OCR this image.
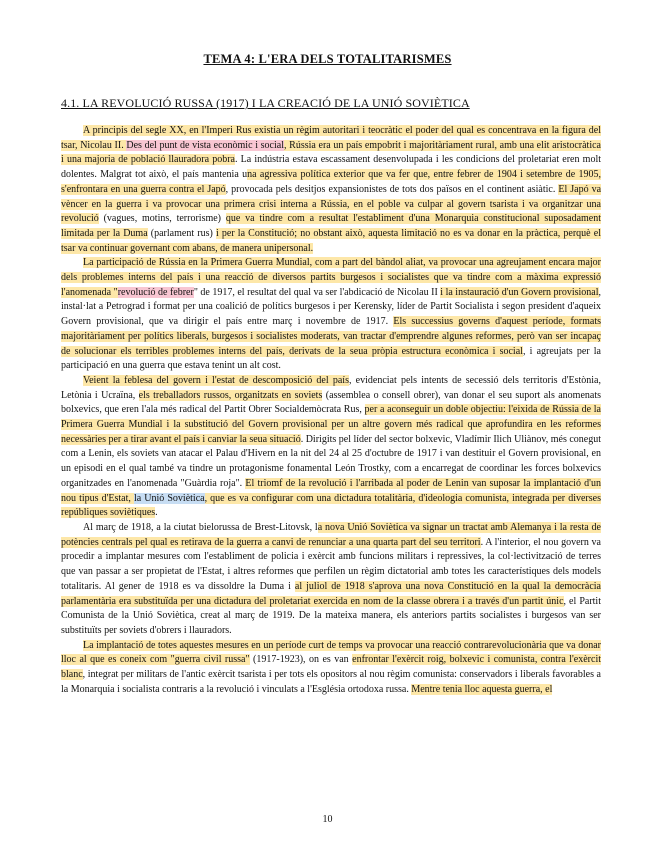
TEMA 4: L'ERA DELS TOTALITARISMES
4.1. LA REVOLUCIÓ RUSSA (1917) I LA CREACIÓ DE LA UNIÓ SOVIÈTICA

A principis del segle XX, en l'Imperi Rus existia un règim autoritari i teocràtic el poder del qual es concentrava en la figura del tsar, Nicolau II. Des del punt de vista econòmic i social, Rússia era un país empobrit i majoritàriament rural, amb una elit aristocràtica i una majoria de població llauradora pobra. La indústria estava escassament desenvolupada i les condicions del proletariat eren molt dolentes. Malgrat tot això, el país mantenia una agressiva política exterior que va fer que, entre febrer de 1904 i setembre de 1905, s'enfrontara en una guerra contra el Japó, provocada pels desitjos expansionistes de tots dos països en el continent asiàtic. El Japó va vèncer en la guerra i va provocar una primera crisi interna a Rússia, en el poble va culpar al govern tsarista i va organitzar una revolució (vagues, motins, terrorisme) que va tindre com a resultat l'establiment d'una Monarquia constitucional suposadament limitada per la Duma (parlament rus) i per la Constitució; no obstant això, aquesta limitació no es va donar en la pràctica, perquè el tsar va continuar governant com abans, de manera unipersonal.

La participació de Rússia en la Primera Guerra Mundial, com a part del bàndol aliat, va provocar una agreujament encara major dels problemes interns del país i una reacció de diversos partits burgesos i socialistes que va tindre com a màxima expressió l'anomenada "revolució de febrer" de 1917, el resultat del qual va ser l'abdicació de Nicolau II i la instauració d'un Govern provisional, instal·lat a Petrograd i format per una coalició de polítics burgesos i per Kerensky, líder de Partit Socialista i segon president d'aqueix Govern provisional, que va dirigir el país entre març i novembre de 1917. Els successius governs d'aquest període, formats majoritàriament per polítics liberals, burgesos i socialistes moderats, van tractar d'emprendre algunes reformes, però van ser incapaç de solucionar els terribles problemes interns del país, derivats de la seua pròpia estructura econòmica i social, i agreujats per la participació en una guerra que estava tenint un alt cost.

Veient la feblesa del govern i l'estat de descomposició del país, evidenciat pels intents de secessió dels territoris d'Estònia, Letònia i Ucraïna, els treballadors russos, organitzats en soviets (assemblea o consell obrer), van donar el seu suport als anomenats bolxevics, que eren l'ala més radical del Partit Obrer Socialdemòcrata Rus, per a aconseguir un doble objectiu: l'eixida de Rússia de la Primera Guerra Mundial i la substitució del Govern provisional per un altre govern més radical que aprofundira en les reformes necessàries per a tirar avant el país i canviar la seua situació. Dirigits pel líder del sector bolxevic, Vladímir Ilich Uliànov, més conegut com a Lenin, els soviets van atacar el Palau d'Hivern en la nit del 24 al 25 d'octubre de 1917 i van destituir el Govern provisional, en un episodi en el qual també va tindre un protagonisme fonamental León Trostky, com a encarregat de coordinar les forces bolxevics organitzades en l'anomenada "Guàrdia roja". El triomf de la revolució i l'arribada al poder de Lenin van suposar la implantació d'un nou tipus d'Estat, la Unió Soviètica, que es va configurar com una dictadura totalitària, d'ideologia comunista, integrada per diverses repúbliques soviètiques.

Al març de 1918, a la ciutat bielorussa de Brest-Litovsk, la nova Unió Soviètica va signar un tractat amb Alemanya i la resta de potències centrals pel qual es retirava de la guerra a canvi de renunciar a una quarta part del seu territori. A l'interior, el nou govern va procedir a implantar mesures com l'establiment de policia i exèrcit amb funcions militars i repressives, la col·lectivització de terres que van passar a ser propietat de l'Estat, i altres reformes que perfilen un règim dictatorial amb totes les característiques dels models totalitaris. Al gener de 1918 es va dissoldre la Duma i al juliol de 1918 s'aprova una nova Constitució en la qual la democràcia parlamentària era substituïda per una dictadura del proletariat exercida en nom de la classe obrera i a través d'un partit únic, el Partit Comunista de la Unió Soviètica, creat al març de 1919. De la mateixa manera, els anteriors partits socialistes i burgesos van ser substituïts per soviets d'obrers i llauradors.

La implantació de totes aquestes mesures en un període curt de temps va provocar una reacció contrarevolucionària que va donar lloc al que es coneix com "guerra civil russa" (1917-1923), on es van enfrontar l'exèrcit roig, bolxevic i comunista, contra l'exèrcit blanc, integrat per militars de l'antic exèrcit tsarista i per tots els opositors al nou règim comunista: conservadors i liberals favorables a la Monarquia i socialista contraris a la revolució i vinculats a l'Església ortodoxa russa. Mentre tenia lloc aquesta guerra, el

10
